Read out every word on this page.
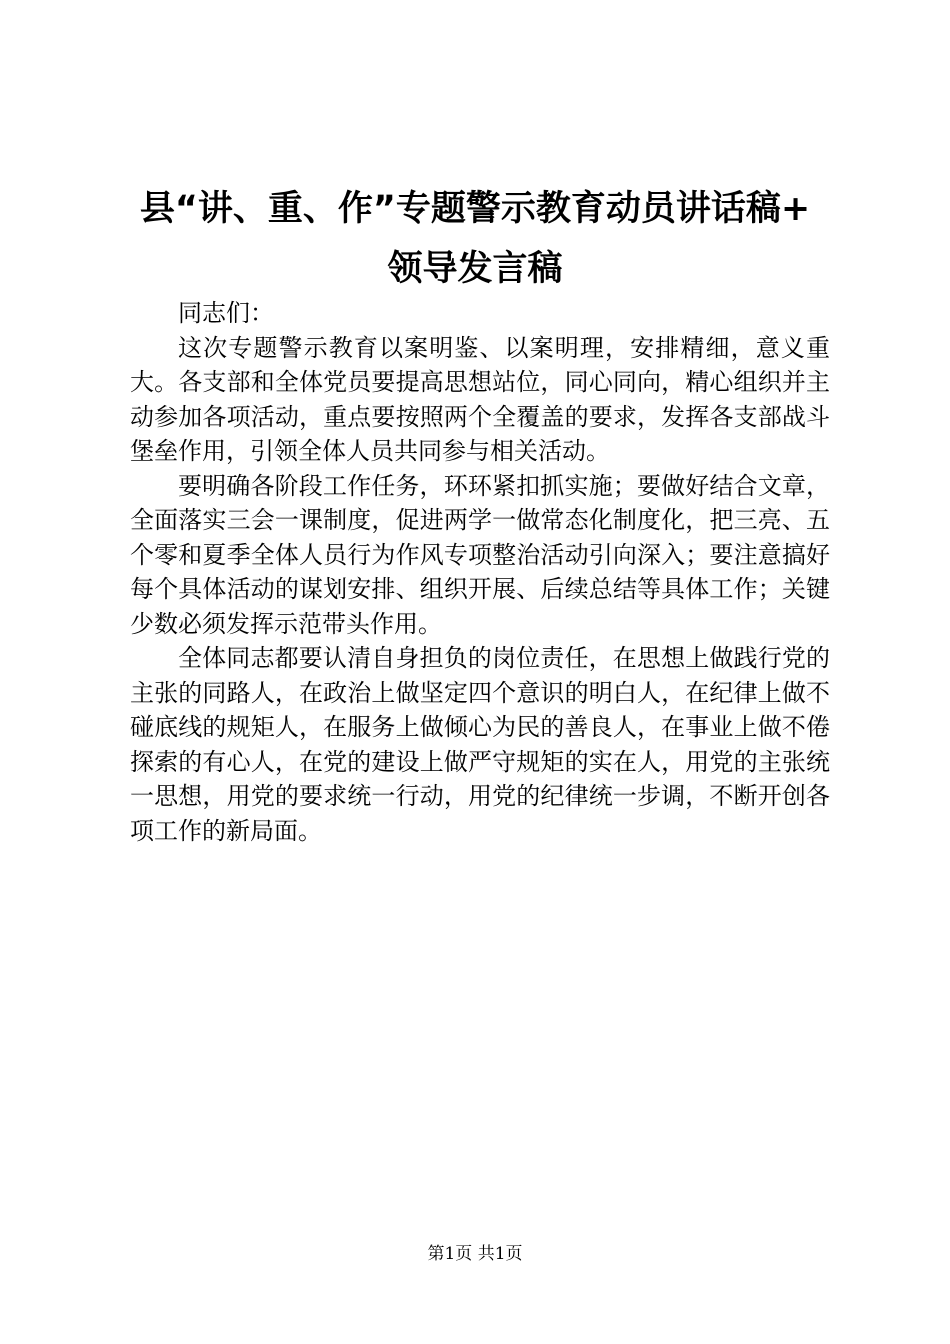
县“讲、重、作”专题警示教育动员讲话稿+
领导发言稿

同志们：

这次专题警示教育以案明鉴、以案明理，安排精细，意义重大。各支部和全体党员要提高思想站位，同心同向，精心组织并主动参加各项活动，重点要按照两个全覆盖的要求，发挥各支部战斗堡垒作用，引领全体人员共同参与相关活动。

要明确各阶段工作任务，环环紧扣抓实施；要做好结合文章，全面落实三会一课制度，促进两学一做常态化制度化，把三亮、五个零和夏季全体人员行为作风专项整治活动引向深入；要注意搞好每个具体活动的谋划安排、组织开展、后续总结等具体工作；关键少数必须发挥示范带头作用。

全体同志都要认清自身担负的岗位责任，在思想上做践行党的主张的同路人，在政治上做坚定四个意识的明白人，在纪律上做不碰底线的规矩人，在服务上做倾心为民的善良人，在事业上做不倦探索的有心人，在党的建设上做严守规矩的实在人，用党的主张统一思想，用党的要求统一行动，用党的纪律统一步调，不断开创各项工作的新局面。

第1页 共1页
